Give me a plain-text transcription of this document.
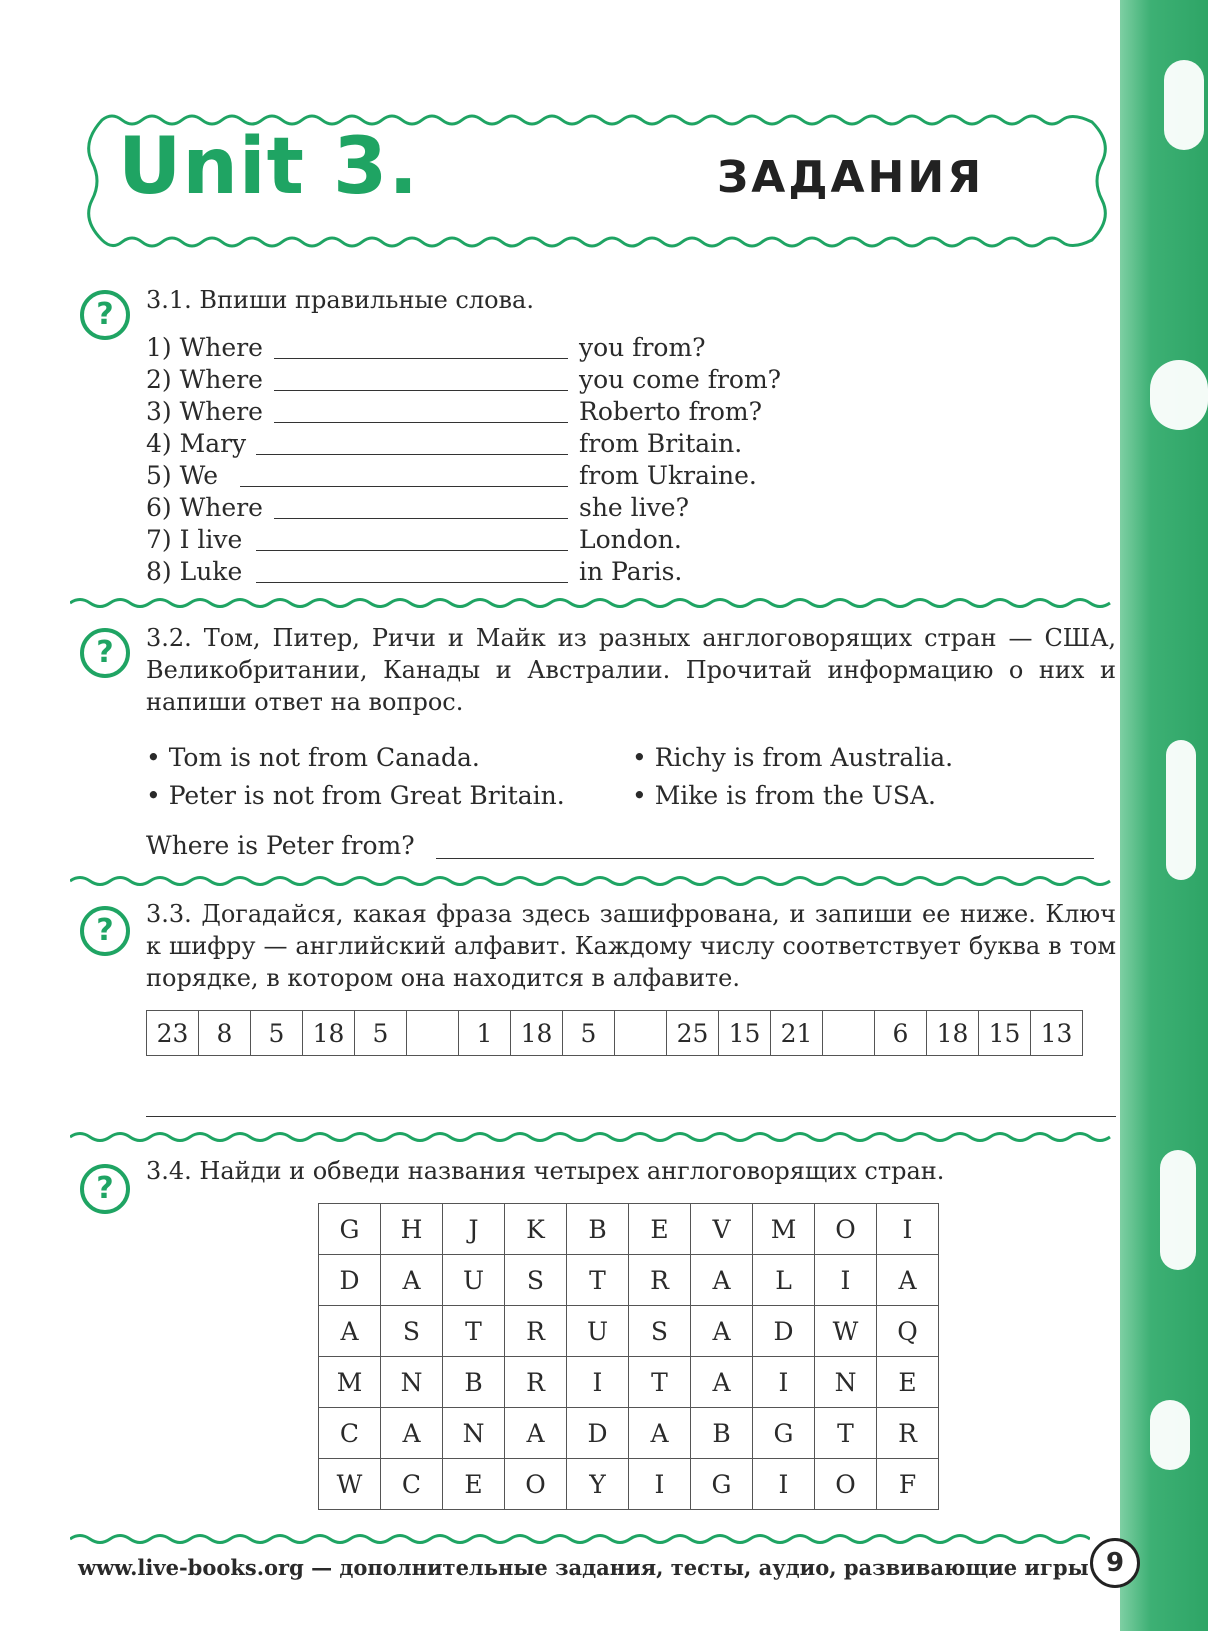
Unit 3.	ЗАДАНИЯ
?	3.1. Впиши правильные слова.
1) Where	you from?
2) Where	you come from?
3) Where	Roberto from?
4) Mary	from Britain.
5) We	from Ukraine.
6) Where	she live?
7) I live	London.
8) Luke	in Paris.
?	3.2. Том, Питер, Ричи и Майк из разных англоговорящих стран — США, Великобритании, Канады и Австралии. Прочитай информацию о них и напиши ответ на вопрос.
• Tom is not from Canada.	• Richy is from Australia.
• Peter is not from Great Britain.	• Mike is from the USA.
Where is Peter from?
?	3.3. Догадайся, какая фраза здесь зашифрована, и запиши ее ниже. Ключ к шифру — английский алфавит. Каждому числу соответствует буква в том порядке, в котором она находится в алфавите.
23	8	5	18	5		1	18	5		25	15	21		6	18	15	13
?	3.4. Найди и обведи названия четырех англоговорящих стран.
G	H	J	K	B	E	V	M	O	I
D	A	U	S	T	R	A	L	I	A
A	S	T	R	U	S	A	D	W	Q
M	N	B	R	I	T	A	I	N	E
C	A	N	A	D	A	B	G	T	R
W	C	E	O	Y	I	G	I	O	F
www.live-books.org — дополнительные задания, тесты, аудио, развивающие игры 9
